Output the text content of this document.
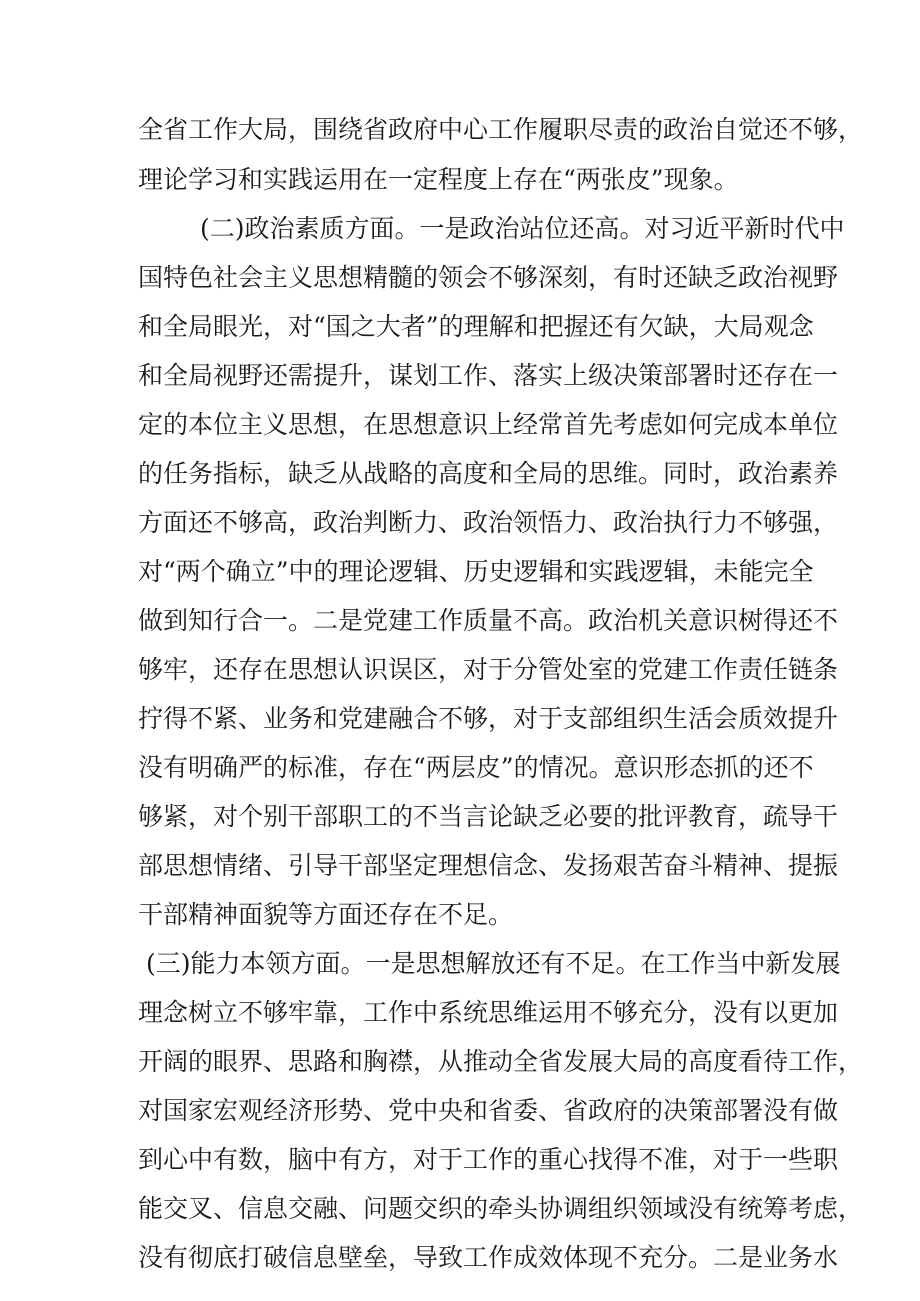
全省工作大局，围绕省政府中心工作履职尽责的政治自觉还不够，
理论学习和实践运用在一定程度上存在“两张皮”现象。
(二)政治素质方面。一是政治站位还高。对习近平新时代中
国特色社会主义思想精髓的领会不够深刻，有时还缺乏政治视野
和全局眼光，对“国之大者”的理解和把握还有欠缺，大局观念
和全局视野还需提升，谋划工作、落实上级决策部署时还存在一
定的本位主义思想，在思想意识上经常首先考虑如何完成本单位
的任务指标，缺乏从战略的高度和全局的思维。同时，政治素养
方面还不够高，政治判断力、政治领悟力、政治执行力不够强，
对“两个确立”中的理论逻辑、历史逻辑和实践逻辑，未能完全
做到知行合一。二是党建工作质量不高。政治机关意识树得还不
够牢，还存在思想认识误区，对于分管处室的党建工作责任链条
拧得不紧、业务和党建融合不够，对于支部组织生活会质效提升
没有明确严的标准，存在“两层皮”的情况。意识形态抓的还不
够紧，对个别干部职工的不当言论缺乏必要的批评教育，疏导干
部思想情绪、引导干部坚定理想信念、发扬艰苦奋斗精神、提振
干部精神面貌等方面还存在不足。
(三)能力本领方面。一是思想解放还有不足。在工作当中新发展
理念树立不够牢靠，工作中系统思维运用不够充分，没有以更加
开阔的眼界、思路和胸襟，从推动全省发展大局的高度看待工作，
对国家宏观经济形势、党中央和省委、省政府的决策部署没有做
到心中有数，脑中有方，对于工作的重心找得不准，对于一些职
能交叉、信息交融、问题交织的牵头协调组织领域没有统筹考虑，
没有彻底打破信息壁垒，导致工作成效体现不充分。二是业务水
